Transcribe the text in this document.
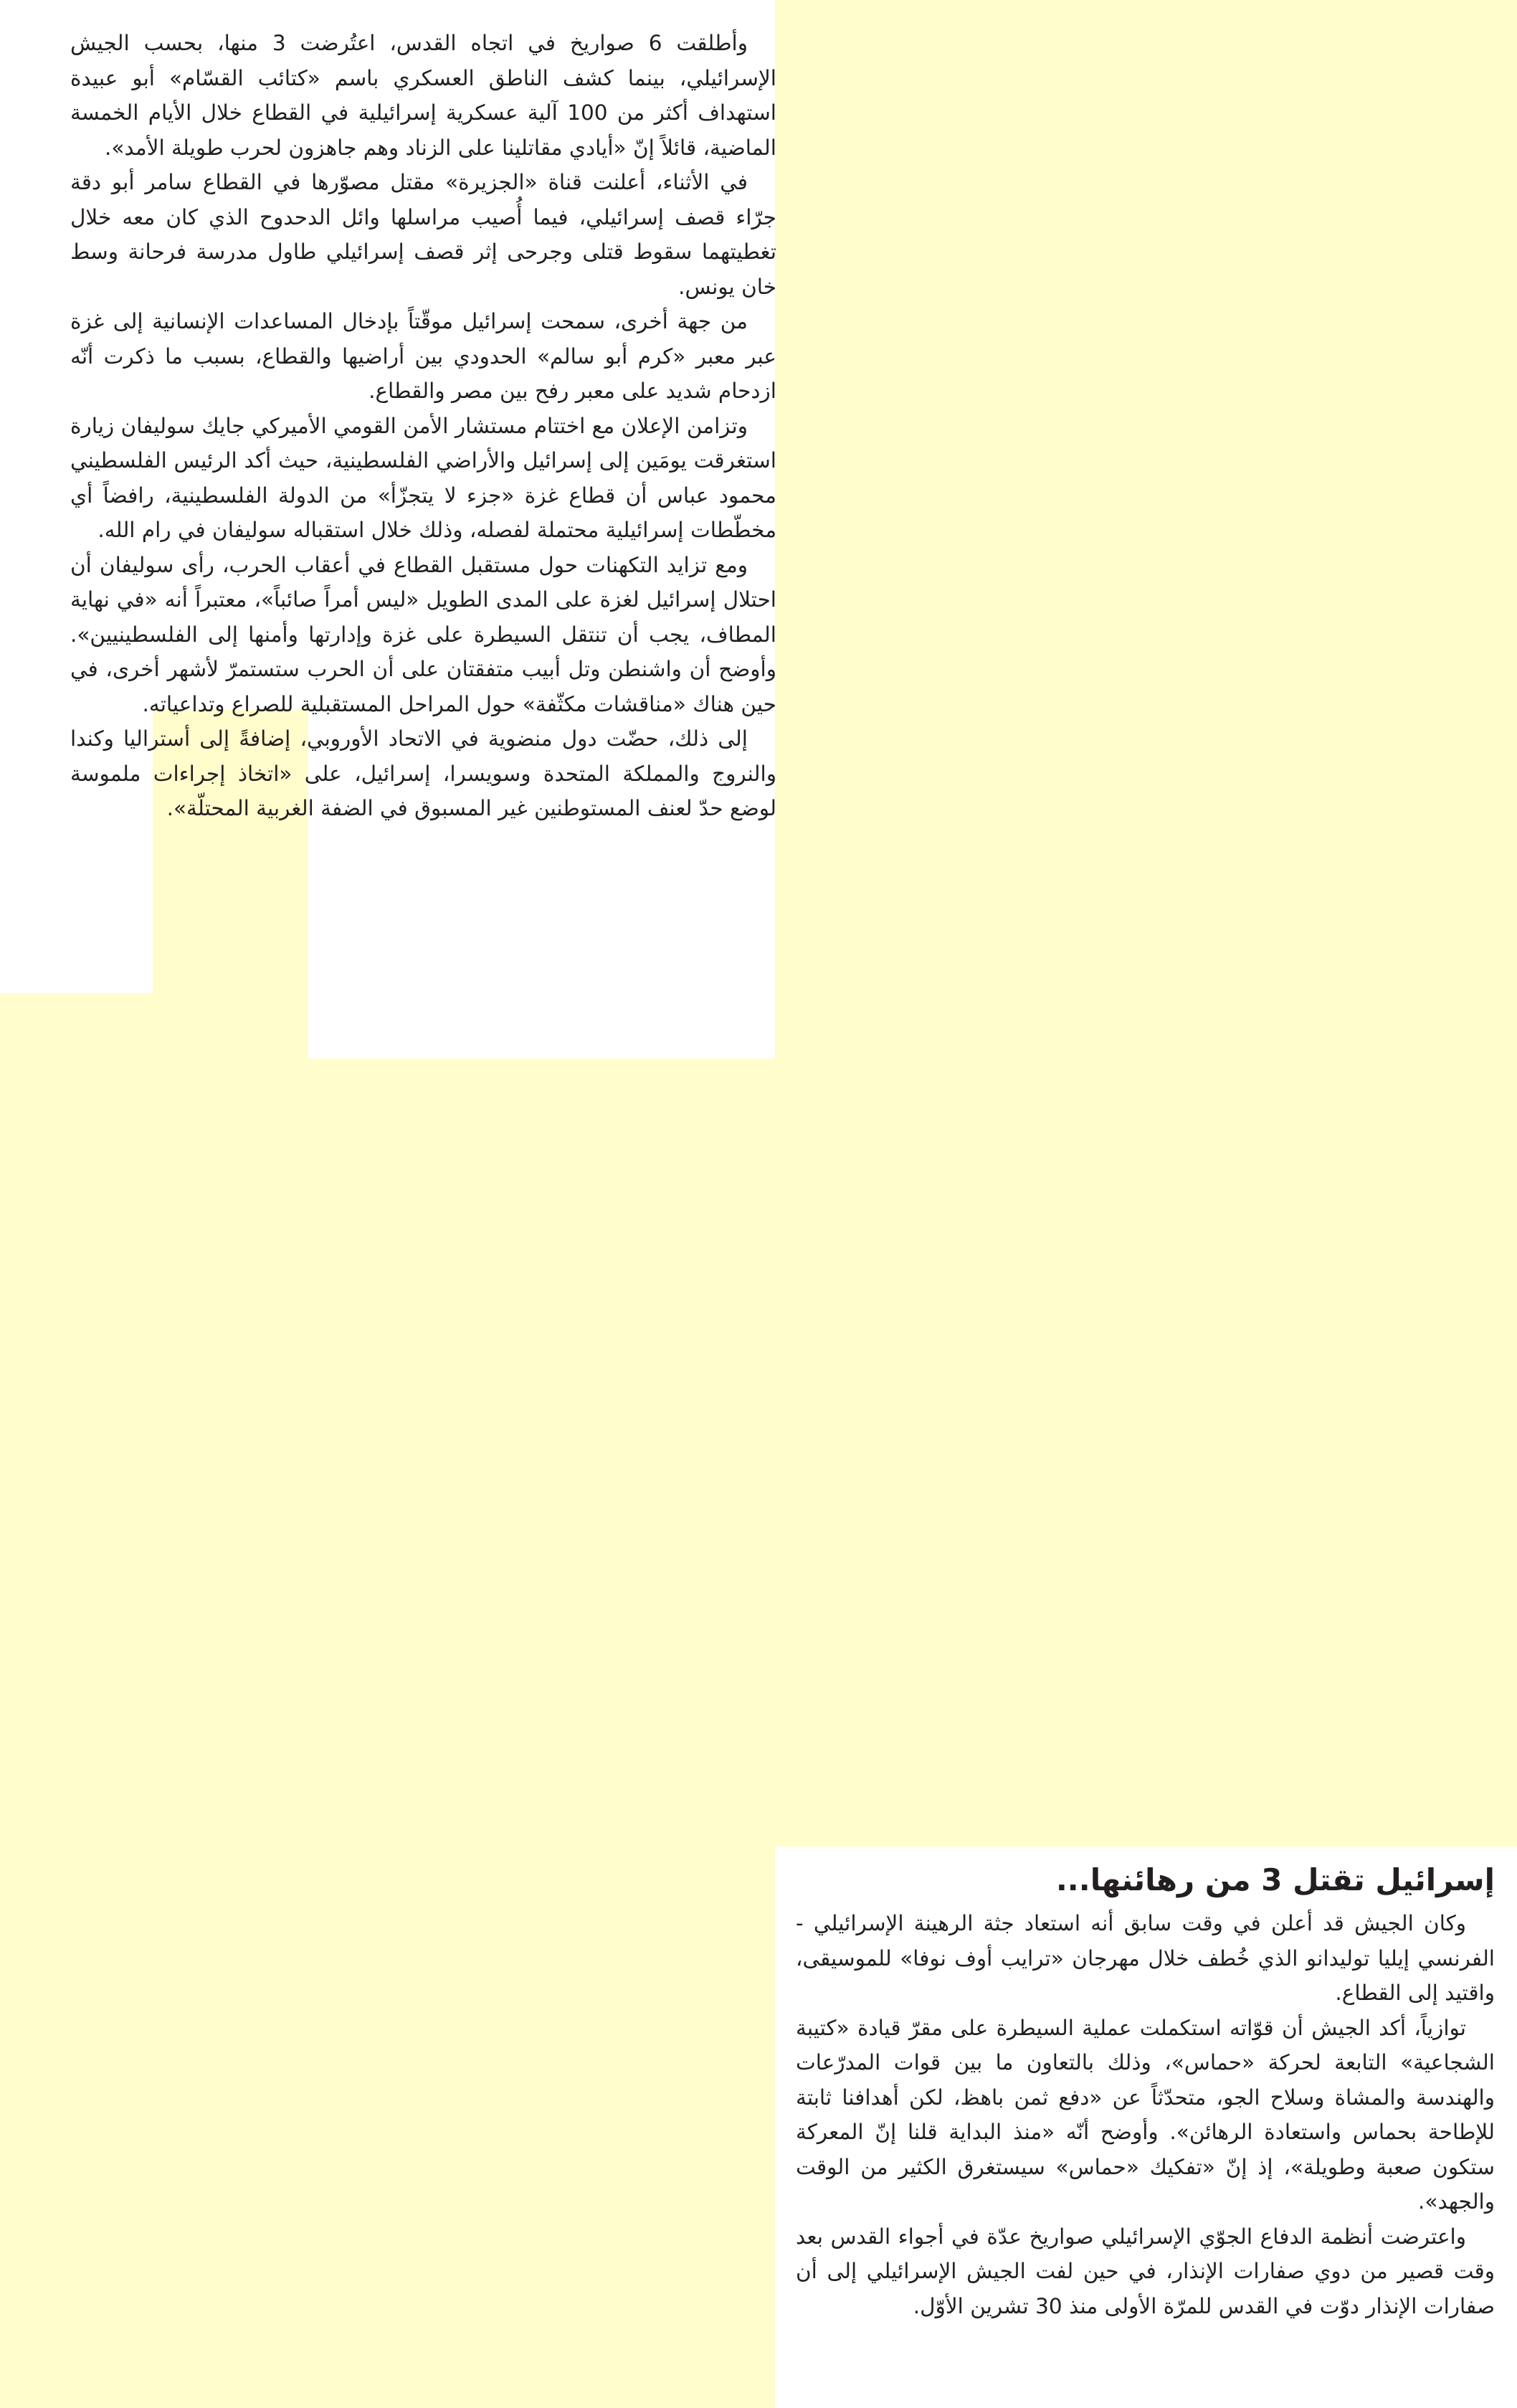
وأطلقت 6 صواريخ في اتجاه القدس، اعتُرضت 3 منها، بحسب الجيش الإسرائيلي، بينما كشف الناطق العسكري باسم «كتائب القسّام» أبو عبيدة استهداف أكثر من 100 آلية عسكرية إسرائيلية في القطاع خلال الأيام الخمسة الماضية، قائلاً إنّ «أيادي مقاتلينا على الزناد وهم جاهزون لحرب طويلة الأمد».

في الأثناء، أعلنت قناة «الجزيرة» مقتل مصوّرها في القطاع سامر أبو دقة جرّاء قصف إسرائيلي، فيما أُصيب مراسلها وائل الدحدوح الذي كان معه خلال تغطيتهما سقوط قتلى وجرحى إثر قصف إسرائيلي طاول مدرسة فرحانة وسط خان يونس.

من جهة أخرى، سمحت إسرائيل موقّتاً بإدخال المساعدات الإنسانية إلى غزة عبر معبر «كرم أبو سالم» الحدودي بين أراضيها والقطاع، بسبب ما ذكرت أنّه ازدحام شديد على معبر رفح بين مصر والقطاع.

وتزامن الإعلان مع اختتام مستشار الأمن القومي الأميركي جايك سوليفان زيارة استغرقت يومَين إلى إسرائيل والأراضي الفلسطينية، حيث أكد الرئيس الفلسطيني محمود عباس أن قطاع غزة «جزء لا يتجزّأ» من الدولة الفلسطينية، رافضاً أي مخطّطات إسرائيلية محتملة لفصله، وذلك خلال استقباله سوليفان في رام الله.

ومع تزايد التكهنات حول مستقبل القطاع في أعقاب الحرب، رأى سوليفان أن احتلال إسرائيل لغزة على المدى الطويل «ليس أمراً صائباً»، معتبراً أنه «في نهاية المطاف، يجب أن تنتقل السيطرة على غزة وإدارتها وأمنها إلى الفلسطينيين». وأوضح أن واشنطن وتل أبيب متفقتان على أن الحرب ستستمرّ لأشهر أخرى، في حين هناك «مناقشات مكثّفة» حول المراحل المستقبلية للصراع وتداعياته.

إلى ذلك، حضّت دول منضوية في الاتحاد الأوروبي، إضافةً إلى أستراليا وكندا والنروج والمملكة المتحدة وسويسرا، إسرائيل، على «اتخاذ إجراءات ملموسة لوضع حدّ لعنف المستوطنين غير المسبوق في الضفة الغربية المحتلّة».

إسرائيل تقتل 3 من رهائنها...

وكان الجيش قد أعلن في وقت سابق أنه استعاد جثة الرهينة الإسرائيلي - الفرنسي إيليا توليدانو الذي خُطف خلال مهرجان «ترايب أوف نوفا» للموسيقى، واقتيد إلى القطاع.

توازياً، أكد الجيش أن قوّاته استكملت عملية السيطرة على مقرّ قيادة «كتيبة الشجاعية» التابعة لحركة «حماس»، وذلك بالتعاون ما بين قوات المدرّعات والهندسة والمشاة وسلاح الجو، متحدّثاً عن «دفع ثمن باهظ، لكن أهدافنا ثابتة للإطاحة بحماس واستعادة الرهائن». وأوضح أنّه «منذ البداية قلنا إنّ المعركة ستكون صعبة وطويلة»، إذ إنّ «تفكيك «حماس» سيستغرق الكثير من الوقت والجهد».

واعترضت أنظمة الدفاع الجوّي الإسرائيلي صواريخ عدّة في أجواء القدس بعد وقت قصير من دوي صفارات الإنذار، في حين لفت الجيش الإسرائيلي إلى أن صفارات الإنذار دوّت في القدس للمرّة الأولى منذ 30 تشرين الأوّل.
